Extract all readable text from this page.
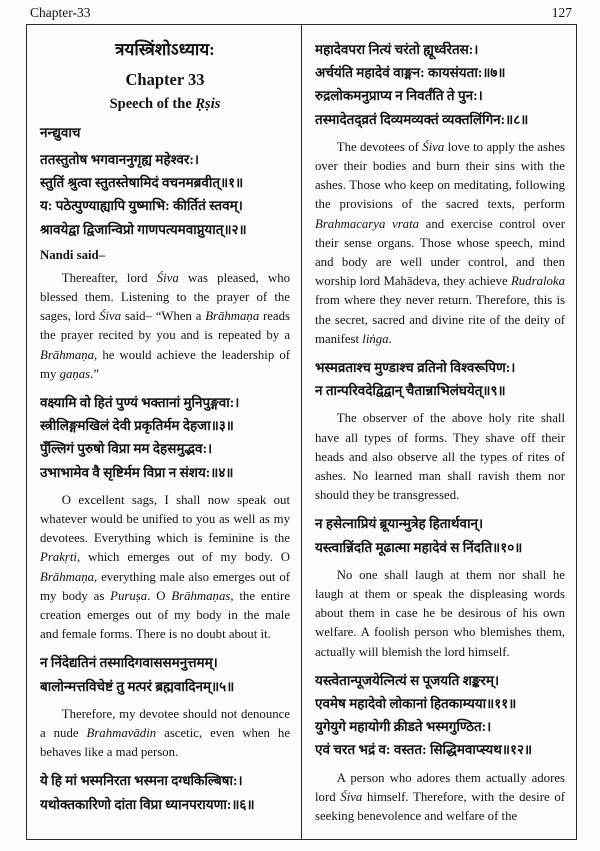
Chapter-33	127
त्रयस्त्रिंशोऽध्याय:
Chapter 33
Speech of the Ṛṣis
नन्द्युवाच
ततस्तुतोष भगवाननुगृह्य महेश्वर:।
स्तुतिं श्रुत्वा स्तुतस्तेषामिदं वचनमब्रवीत्॥१॥
य: पठेत्पुण्याह्यापि युष्माभि: कीर्तितं स्तवम्।
श्रावयेद्वा द्विजान्विप्रो गाणपत्यमवाप्नुयात्॥२॥
Nandi said–
Thereafter, lord Śiva was pleased, who blessed them. Listening to the prayer of the sages, lord Śiva said– “When a Brāhmaṇa reads the prayer recited by you and is repeated by a Brāhmaṇa, he would achieve the leadership of my gaṇas.”
वक्ष्यामि वो हितं पुण्यं भक्तानां मुनिपुङ्गवा:।
स्त्रीलिङ्गमखिलं देवी प्रकृतिर्मम देहजा॥३॥
पुँल्लिगं पुरुषो विप्रा मम देहसमुद्भव:।
उभाभामेव वै सृष्टिर्मम विप्रा न संशय:॥४॥
O excellent sags, I shall now speak out whatever would be unified to you as well as my devotees. Everything which is feminine is the Prakṛti, which emerges out of my body. O Brāhmaṇa, everything male also emerges out of my body as Puruṣa. O Brāhmaṇas, the entire creation emerges out of my body in the male and female forms. There is no doubt about it.
न निंदेद्यतिनं तस्मादिगवाससमनुत्तमम्।
बालोन्मत्तविचेष्टं तु मत्परं ब्रह्मवादिनम्॥५॥
Therefore, my devotee should not denounce a nude Brahmavādin ascetic, even when he behaves like a mad person.
ये हि मां भस्मनिरता भस्मना दग्धकिल्बिषा:।
यथोक्तकारिणो दांता विप्रा ध्यानपरायणा:॥६॥
महादेवपरा नित्यं चरंतो ह्यूर्ध्वरेतस:।
अर्चयंति महादेवं वाङ्मन: कायसंयता:॥७॥
रुद्रलोकमनुप्राप्य न निवर्तंति ते पुन:।
तस्मादेतद्व्रतं दिव्यमव्यक्तं व्यक्तलिंगिन:॥८॥
The devotees of Śiva love to apply the ashes over their bodies and burn their sins with the ashes. Those who keep on meditating, following the provisions of the sacred texts, perform Brahmacarya vrata and exercise control over their sense organs. Those whose speech, mind and body are well under control, and then worship lord Mahādeva, they achieve Rudraloka from where they never return. Therefore, this is the secret, sacred and divine rite of the deity of manifest liṅga.
भस्मव्रताश्च मुण्डाश्च व्रतिनो विश्वरूपिण:।
न तान्परिवदेद्विद्वान् चैतान्नाभिलंघयेत्॥९॥
The observer of the above holy rite shall have all types of forms. They shave off their heads and also observe all the types of rites of ashes. No learned man shall ravish them nor should they be transgressed.
न हसेत्नाप्रियं ब्रूयान्मुत्रेह हितार्थवान्।
यस्त्वान्निंदति मूढात्मा महादेवं स निंदति॥१०॥
No one shall laugh at them nor shall he laugh at them or speak the displeasing words about them in case he be desirous of his own welfare. A foolish person who blemishes them, actually will blemish the lord himself.
यस्त्वेतान्पूजयेत्नित्यं स पूजयति शङ्करम्।
एवमेष महादेवो लोकानां हितकाम्यया॥११॥
युगेयुगे महायोगी क्रीडते भस्मगुण्ठित:।
एवं चरत भद्रं व: वस्तत: सिद्धिमवाप्स्यथ॥१२॥
A person who adores them actually adores lord Śiva himself. Therefore, with the desire of seeking benevolence and welfare of the
